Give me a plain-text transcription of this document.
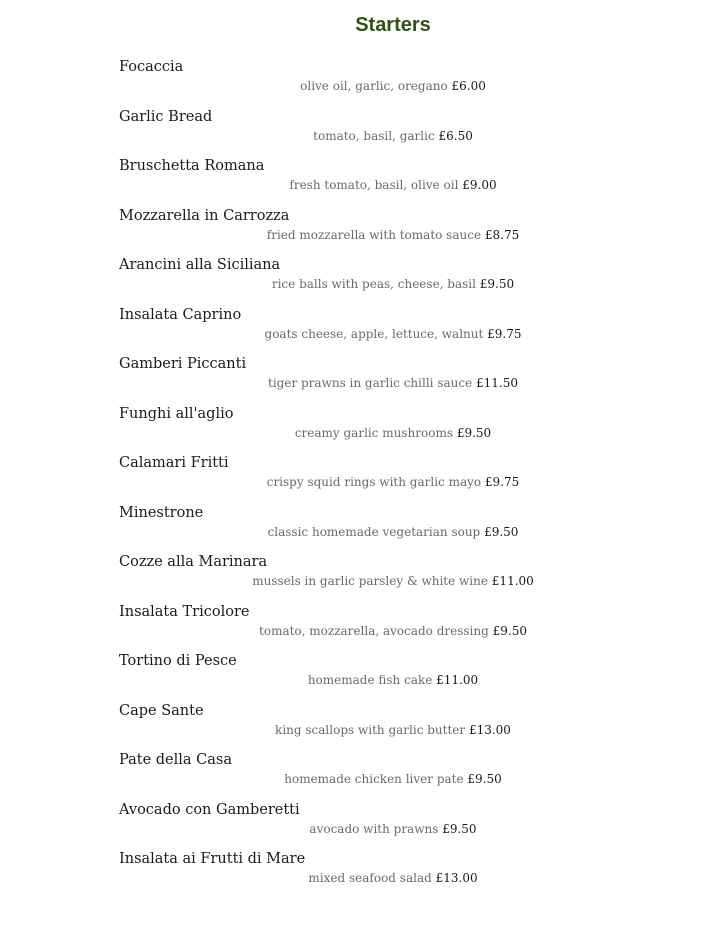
Starters
Focaccia
olive oil, garlic, oregano £6.00
Garlic Bread
tomato, basil, garlic £6.50
Bruschetta Romana
fresh tomato, basil, olive oil £9.00
Mozzarella in Carrozza
fried mozzarella with tomato sauce £8.75
Arancini alla Siciliana
rice balls with peas, cheese, basil £9.50
Insalata Caprino
goats cheese, apple, lettuce, walnut £9.75
Gamberi Piccanti
tiger prawns in garlic chilli sauce £11.50
Funghi all'aglio
creamy garlic mushrooms £9.50
Calamari Fritti
crispy squid rings with garlic mayo £9.75
Minestrone
classic homemade vegetarian soup £9.50
Cozze alla Marinara
mussels in garlic parsley & white wine £11.00
Insalata Tricolore
tomato, mozzarella, avocado dressing £9.50
Tortino di Pesce
homemade fish cake £11.00
Cape Sante
king scallops with garlic butter £13.00
Pate della Casa
homemade chicken liver pate £9.50
Avocado con Gamberetti
avocado with prawns £9.50
Insalata ai Frutti di Mare
mixed seafood salad £13.00
